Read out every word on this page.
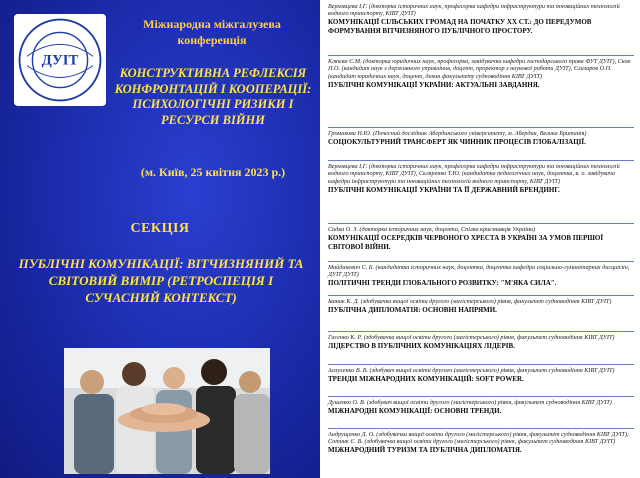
ДУІТ
Міжнародна міжгалузева конференція
КОНСТРУКТИВНА РЕФЛЕКСІЯ КОНФРОНТАЦІЙ І КООПЕРАЦІЇ: ПСИХОЛОГІЧНІ РИЗИКИ І РЕСУРСИ ВІЙНИ
(м. Київ, 25 квітня 2023 р.)
СЕКЦІЯ
ПУБЛІЧНІ КОМУНІКАЦІЇ: ВІТЧИЗНЯНИЙ ТА СВІТОВИЙ ВИМІР (РЕТРОСПЕЦІЯ І СУЧАСНИЙ КОНТЕКСТ)
Верховцева І.Г. (докторка історичних наук, професорка кафедри інфраструктури та інноваційних технологій водного транспорту, КІВТ ДУІТ)
КОМУНІКАЦІЇ СІЛЬСЬКИХ ГРОМАД НА ПОЧАТКУ ХХ СТ.: ДО ПЕРЕДУМОВ ФОРМУВАННЯ ВІТЧИЗНЯНОГО ПУБЛІЧНОГО ПРОСТОРУ.
Клюєва Є.М. (докторка юридичних наук, професорка, завідувачка кафедри господарського права ФУТ ДУІТ), Скок П.О. (кандидат наук з державного управління, доцент, проректор з наукової роботи ДУІТ), Єлизаров О.П. (кандидат юридичних наук, доцент, декан факультету судноводіння КІВТ ДУІТ)
ПУБЛІЧНІ КОМУНІКАЦІЇ УКРАЇНИ: АКТУАЛЬНІ ЗАВДАННЯ.
Громакова Н.Ю. (Почесний дослідник Абердинського університету, м. Абердин, Велика Британія)
СОЦІОКУЛЬТУРНИЙ ТРАНСФЕРТ ЯК ЧИННИК ПРОЦЕСІВ ГЛОБАЛІЗАЦІЇ.
Верховцева І.Г. (докторка історичних наук, професорка кафедри інфраструктури та інноваційних технологій водного транспорту, КІВТ ДУІТ), Скляренко Т.Ю. (кандидатка педагогічних наук, доцентка, в. о. завідувача кафедри інфраструктури та інноваційних технологій водного транспорту, КІВТ ДУІТ)
ПУБЛІЧНІ КОМУНІКАЦІЇ УКРАЇНИ ТА ЇЇ ДЕРЖАВНИЙ БРЕНДИНГ.
Сидка О. З. (докторка історичних наук, доцента, Спілка краєзнавців України)
КОМУНІКАЦІЇ ОСЕРЕДКІВ ЧЕРВОНОГО ХРЕСТА В УКРАЇНІ ЗА УМОВ ПЕРШОЇ СВІТОВОЇ ВІЙНИ.
Майданевич С. Б. (кандидатка історичних наук, доцентка, доцентка кафедри соціально-гуманітарних дисциплін, ДУІТ ДУІТ)
ПОЛІТИЧНІ ТРЕНДИ ГЛОБАЛЬНОГО РОЗВИТКУ: "М'ЯКА СИЛА".
Іваник К. Д. (здобувачка вищої освіти другого (магістерського) рівня, факультет судноводіння КІВТ ДУІТ)
ПУБЛІЧНА ДИПЛОМАТІЯ: ОСНОВНІ НАПРЯМИ.
Гасенко К. Р. (здобувачка вищої освіти другого (магістерського) рівня, факультет судноводіння КІВТ ДУІТ)
ЛІДЕРСТВО В ПУБЛІЧНИХ КОМУНІКАЦІЯХ ЛІДЕРІВ.
Асауленко В. В. (здобувач вищої освіти другого (магістерського) рівня, факультет судноводіння КІВТ ДУІТ)
ТРЕНДИ МІЖНАРОДНИХ КОМУНІКАЦІЙ: SOFT POWER.
Душенко О. В. (здобувач вищої освіти другого (магістерського) рівня, факультет судноводіння КІВТ ДУІТ)
МІЖНАРОДНІ КОМУНІКАЦІЇ: ОСНОВНІ ТРЕНДИ.
Андрущенко Д. О. (здобувачка вищої освіти другого (магістерського) рівня, факультет судноводіння КІВТ ДУІТ); Сотник Є. В. (здобувачка вищої освіти другого (магістерського) рівня, факультет судноводіння КІВТ ДУІТ)
МІЖНАРОДНИЙ ТУРИЗМ ТА ПУБЛІЧНА ДИПЛОМАТІЯ.
